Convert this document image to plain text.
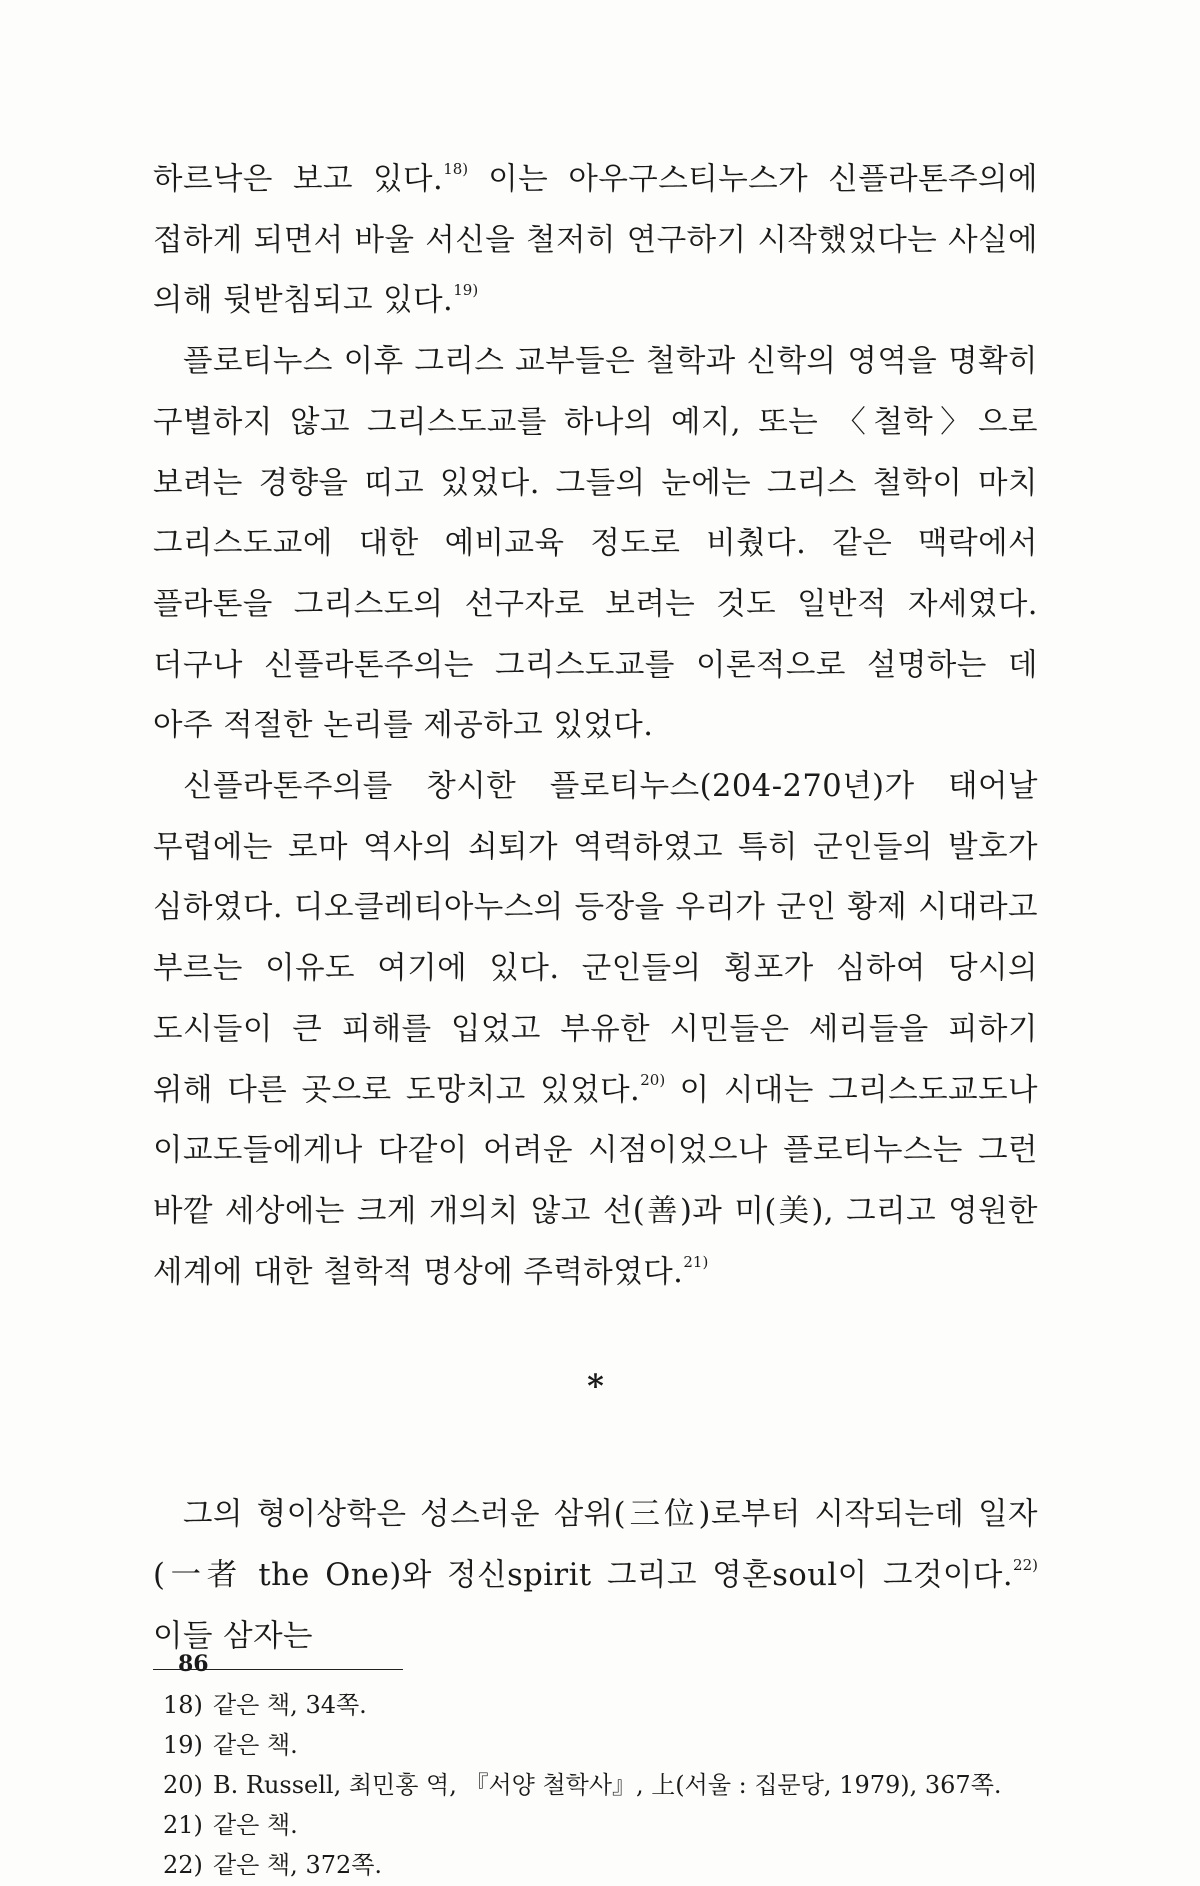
하르낙은 보고 있다.$^{18)}$ 이는 아우구스티누스가 신플라톤주의에 접하게 되면서 바울 서신을 철저히 연구하기 시작했었다는 사실에 의해 뒷받침되고 있다.$^{19)}$

플로티누스 이후 그리스 교부들은 철학과 신학의 영역을 명확히 구별하지 않고 그리스도교를 하나의 예지, 또는 〈철학〉으로 보려는 경향을 띠고 있었다. 그들의 눈에는 그리스 철학이 마치 그리스도교에 대한 예비교육 정도로 비췄다. 같은 맥락에서 플라톤을 그리스도의 선구자로 보려는 것도 일반적 자세였다. 더구나 신플라톤주의는 그리스도교를 이론적으로 설명하는 데 아주 적절한 논리를 제공하고 있었다.

신플라톤주의를 창시한 플로티누스(204-270년)가 태어날 무렵에는 로마 역사의 쇠퇴가 역력하였고 특히 군인들의 발호가 심하였다. 디오클레티아누스의 등장을 우리가 군인 황제 시대라고 부르는 이유도 여기에 있다. 군인들의 횡포가 심하여 당시의 도시들이 큰 피해를 입었고 부유한 시민들은 세리들을 피하기 위해 다른 곳으로 도망치고 있었다.$^{20)}$ 이 시대는 그리스도교도나 이교도들에게나 다같이 어려운 시점이었으나 플로티누스는 그런 바깥 세상에는 크게 개의치 않고 선(善)과 미(美), 그리고 영원한 세계에 대한 철학적 명상에 주력하였다.$^{21)}$

*

그의 형이상학은 성스러운 삼위(三位)로부터 시작되는데 일자(一者 the One)와 정신spirit 그리고 영혼soul이 그것이다.$^{22)}$ 이들 삼자는

18) 같은 책, 34쪽.
19) 같은 책.
20) B. Russell, 최민홍 역, 『서양 철학사』, 上(서울 : 집문당, 1979), 367쪽.
21) 같은 책.
22) 같은 책, 372쪽.
86
